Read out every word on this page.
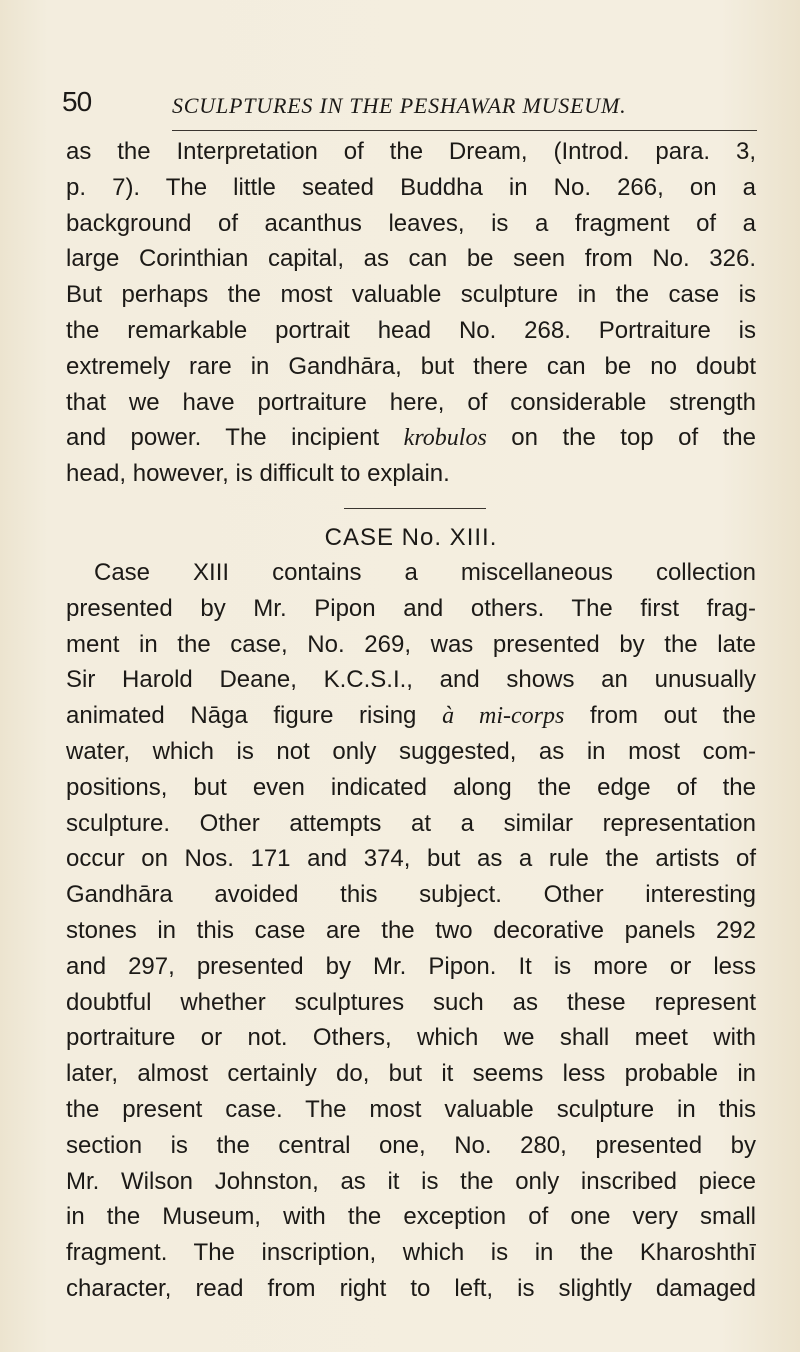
50	SCULPTURES IN THE PESHAWAR MUSEUM.
as the Interpretation of the Dream, (Introd. para. 3,
p. 7). The little seated Buddha in No. 266, on a
background of acanthus leaves, is a fragment of a
large Corinthian capital, as can be seen from No. 326.
But perhaps the most valuable sculpture in the case is
the remarkable portrait head No. 268. Portraiture is
extremely rare in Gandhāra, but there can be no doubt
that we have portraiture here, of considerable strength
and power. The incipient krobulos on the top of the
head, however, is difficult to explain.
CASE No. XIII.
Case XIII contains a miscellaneous collection
presented by Mr. Pipon and others. The first frag-
ment in the case, No. 269, was presented by the late
Sir Harold Deane, K.C.S.I., and shows an unusually
animated Nāga figure rising à mi-corps from out the
water, which is not only suggested, as in most com-
positions, but even indicated along the edge of the
sculpture. Other attempts at a similar representation
occur on Nos. 171 and 374, but as a rule the artists of
Gandhāra avoided this subject. Other interesting
stones in this case are the two decorative panels 292
and 297, presented by Mr. Pipon. It is more or less
doubtful whether sculptures such as these represent
portraiture or not. Others, which we shall meet with
later, almost certainly do, but it seems less probable in
the present case. The most valuable sculpture in this
section is the central one, No. 280, presented by
Mr. Wilson Johnston, as it is the only inscribed piece
in the Museum, with the exception of one very small
fragment. The inscription, which is in the Kharoshthī
character, read from right to left, is slightly damaged
